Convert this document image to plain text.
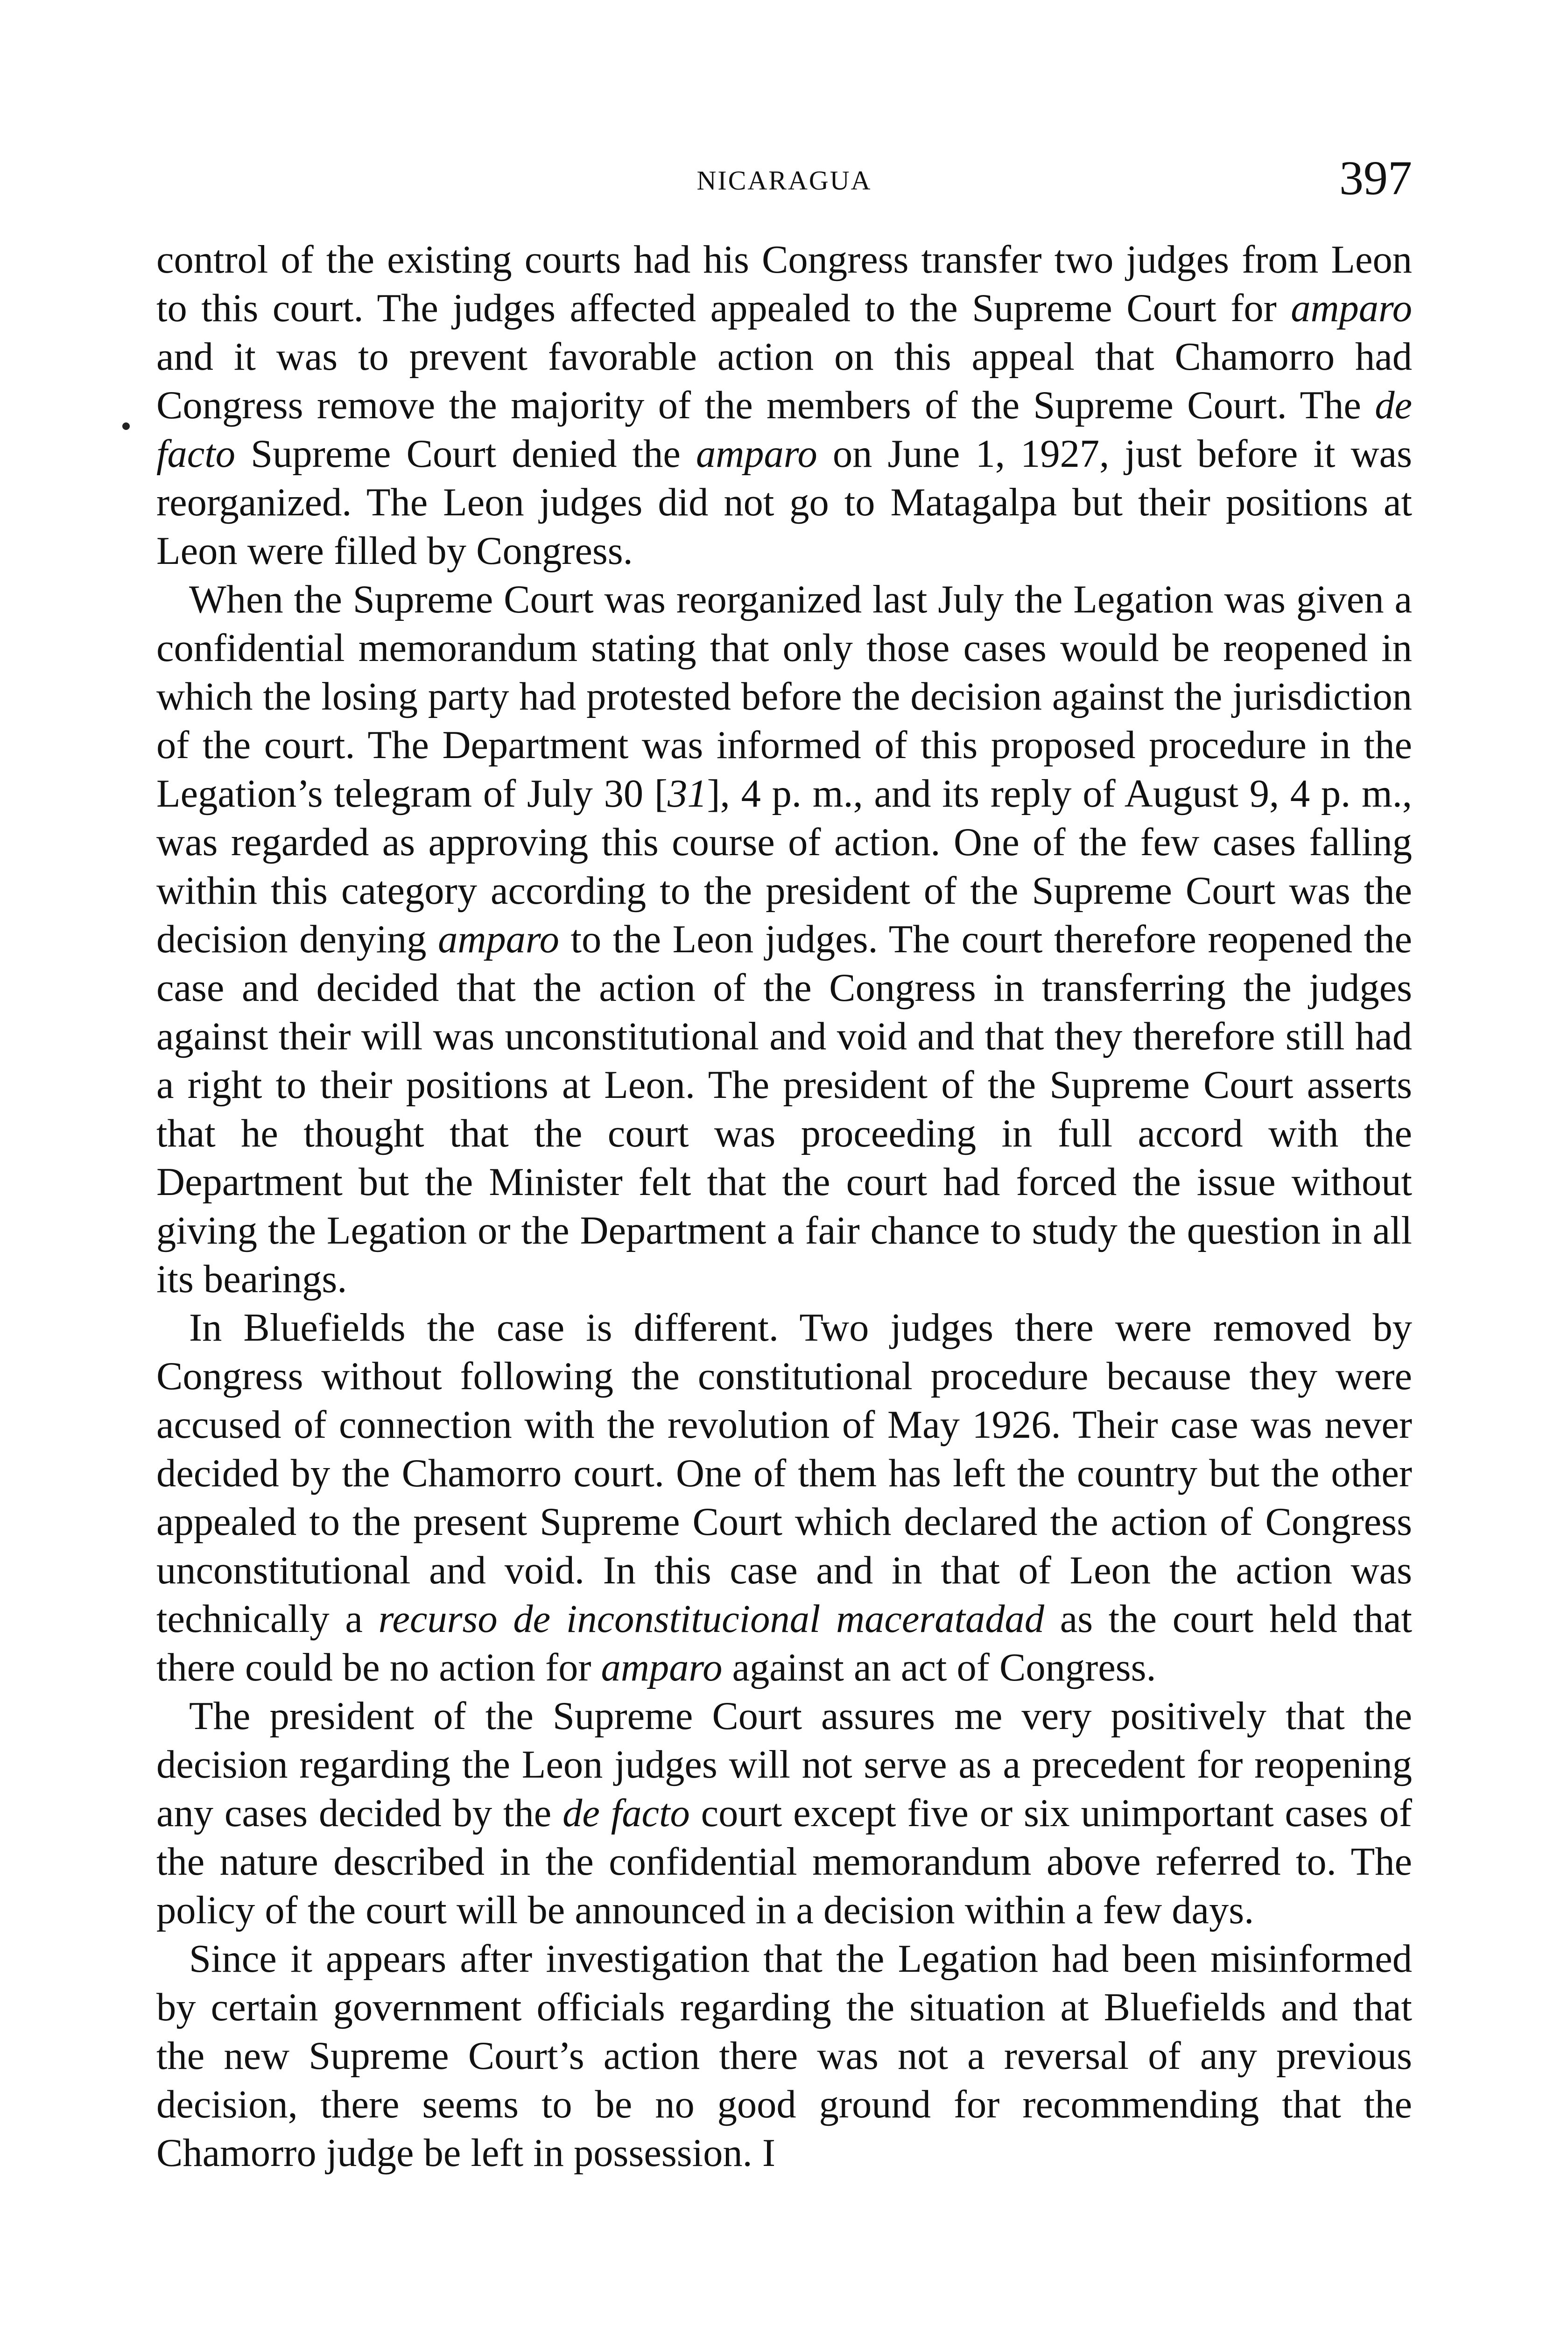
NICARAGUA	397

control of the existing courts had his Congress transfer two judges from Leon to this court. The judges affected appealed to the Supreme Court for amparo and it was to prevent favorable action on this appeal that Chamorro had Congress remove the majority of the members of the Supreme Court. The de facto Supreme Court denied the amparo on June 1, 1927, just before it was reorganized. The Leon judges did not go to Matagalpa but their positions at Leon were filled by Congress.

When the Supreme Court was reorganized last July the Legation was given a confidential memorandum stating that only those cases would be reopened in which the losing party had protested before the decision against the jurisdiction of the court. The Department was informed of this proposed procedure in the Legation’s telegram of July 30 [31], 4 p. m., and its reply of August 9, 4 p. m., was regarded as approving this course of action. One of the few cases falling within this category according to the president of the Supreme Court was the decision denying amparo to the Leon judges. The court therefore reopened the case and decided that the action of the Congress in transferring the judges against their will was unconstitutional and void and that they therefore still had a right to their positions at Leon. The president of the Supreme Court asserts that he thought that the court was proceeding in full accord with the Department but the Minister felt that the court had forced the issue without giving the Legation or the Department a fair chance to study the question in all its bearings.

In Bluefields the case is different. Two judges there were removed by Congress without following the constitutional procedure because they were accused of connection with the revolution of May 1926. Their case was never decided by the Chamorro court. One of them has left the country but the other appealed to the present Supreme Court which declared the action of Congress unconstitutional and void. In this case and in that of Leon the action was technically a recurso de inconstitucional maceratadad as the court held that there could be no action for amparo against an act of Congress.

The president of the Supreme Court assures me very positively that the decision regarding the Leon judges will not serve as a precedent for reopening any cases decided by the de facto court except five or six unimportant cases of the nature described in the confidential memorandum above referred to. The policy of the court will be announced in a decision within a few days.

Since it appears after investigation that the Legation had been misinformed by certain government officials regarding the situation at Bluefields and that the new Supreme Court’s action there was not a reversal of any previous decision, there seems to be no good ground for recommending that the Chamorro judge be left in possession. I
